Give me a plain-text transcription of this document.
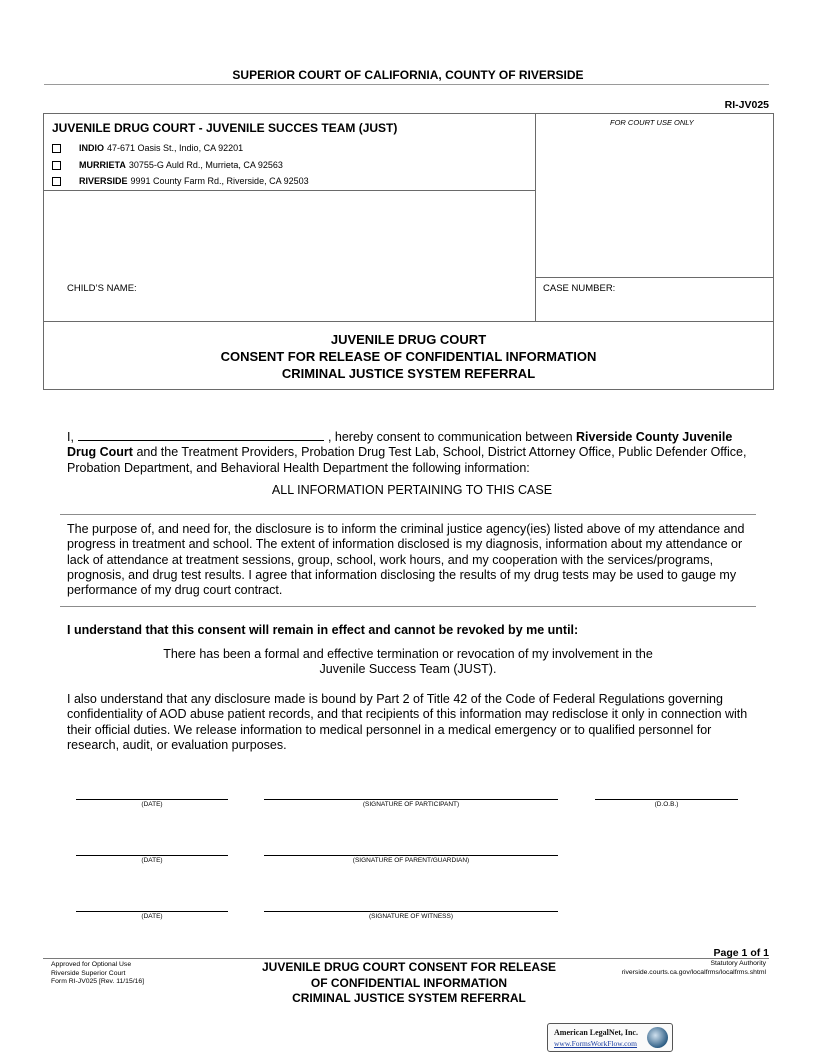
SUPERIOR COURT OF CALIFORNIA, COUNTY OF RIVERSIDE
RI-JV025
JUVENILE DRUG COURT - JUVENILE SUCCES TEAM (JUST)	FOR COURT USE ONLY
INDIO 47-671 Oasis St., Indio, CA 92201
MURRIETA 30755-G Auld Rd., Murrieta, CA 92563
RIVERSIDE 9991 County Farm Rd., Riverside, CA 92503
CHILD’S NAME:	CASE NUMBER:
JUVENILE DRUG COURT
CONSENT FOR RELEASE OF CONFIDENTIAL INFORMATION
CRIMINAL JUSTICE SYSTEM REFERRAL
I,	, hereby consent to communication between Riverside County Juvenile Drug Court and the Treatment Providers, Probation Drug Test Lab, School, District Attorney Office, Public Defender Office, Probation Department, and Behavioral Health Department the following information:
ALL INFORMATION PERTAINING TO THIS CASE
The purpose of, and need for, the disclosure is to inform the criminal justice agency(ies) listed above of my attendance and progress in treatment and school. The extent of information disclosed is my diagnosis, information about my attendance or lack of attendance at treatment sessions, group, school, work hours, and my cooperation with the services/programs, prognosis, and drug test results. I agree that information disclosing the results of my drug tests may be used to gauge my performance of my drug court contract.
I understand that this consent will remain in effect and cannot be revoked by me until:
There has been a formal and effective termination or revocation of my involvement in the Juvenile Success Team (JUST).
I also understand that any disclosure made is bound by Part 2 of Title 42 of the Code of Federal Regulations governing confidentiality of AOD abuse patient records, and that recipients of this information may redisclose it only in connection with their official duties. We release information to medical personnel in a medical emergency or to qualified personnel for research, audit, or evaluation purposes.
(DATE)	(SIGNATURE OF PARTICIPANT)	(D.O.B.)
(DATE)	(SIGNATURE OF PARENT/GUARDIAN)
(DATE)	(SIGNATURE OF WITNESS)
Page 1 of 1
Approved for Optional Use
Riverside Superior Court
Form RI-JV025 [Rev. 11/15/16]
JUVENILE DRUG COURT CONSENT FOR RELEASE
OF CONFIDENTIAL INFORMATION
CRIMINAL JUSTICE SYSTEM REFERRAL
Statutory Authority
riverside.courts.ca.gov/localfrms/localfrms.shtml
American LegalNet, Inc.
www.FormsWorkFlow.com
